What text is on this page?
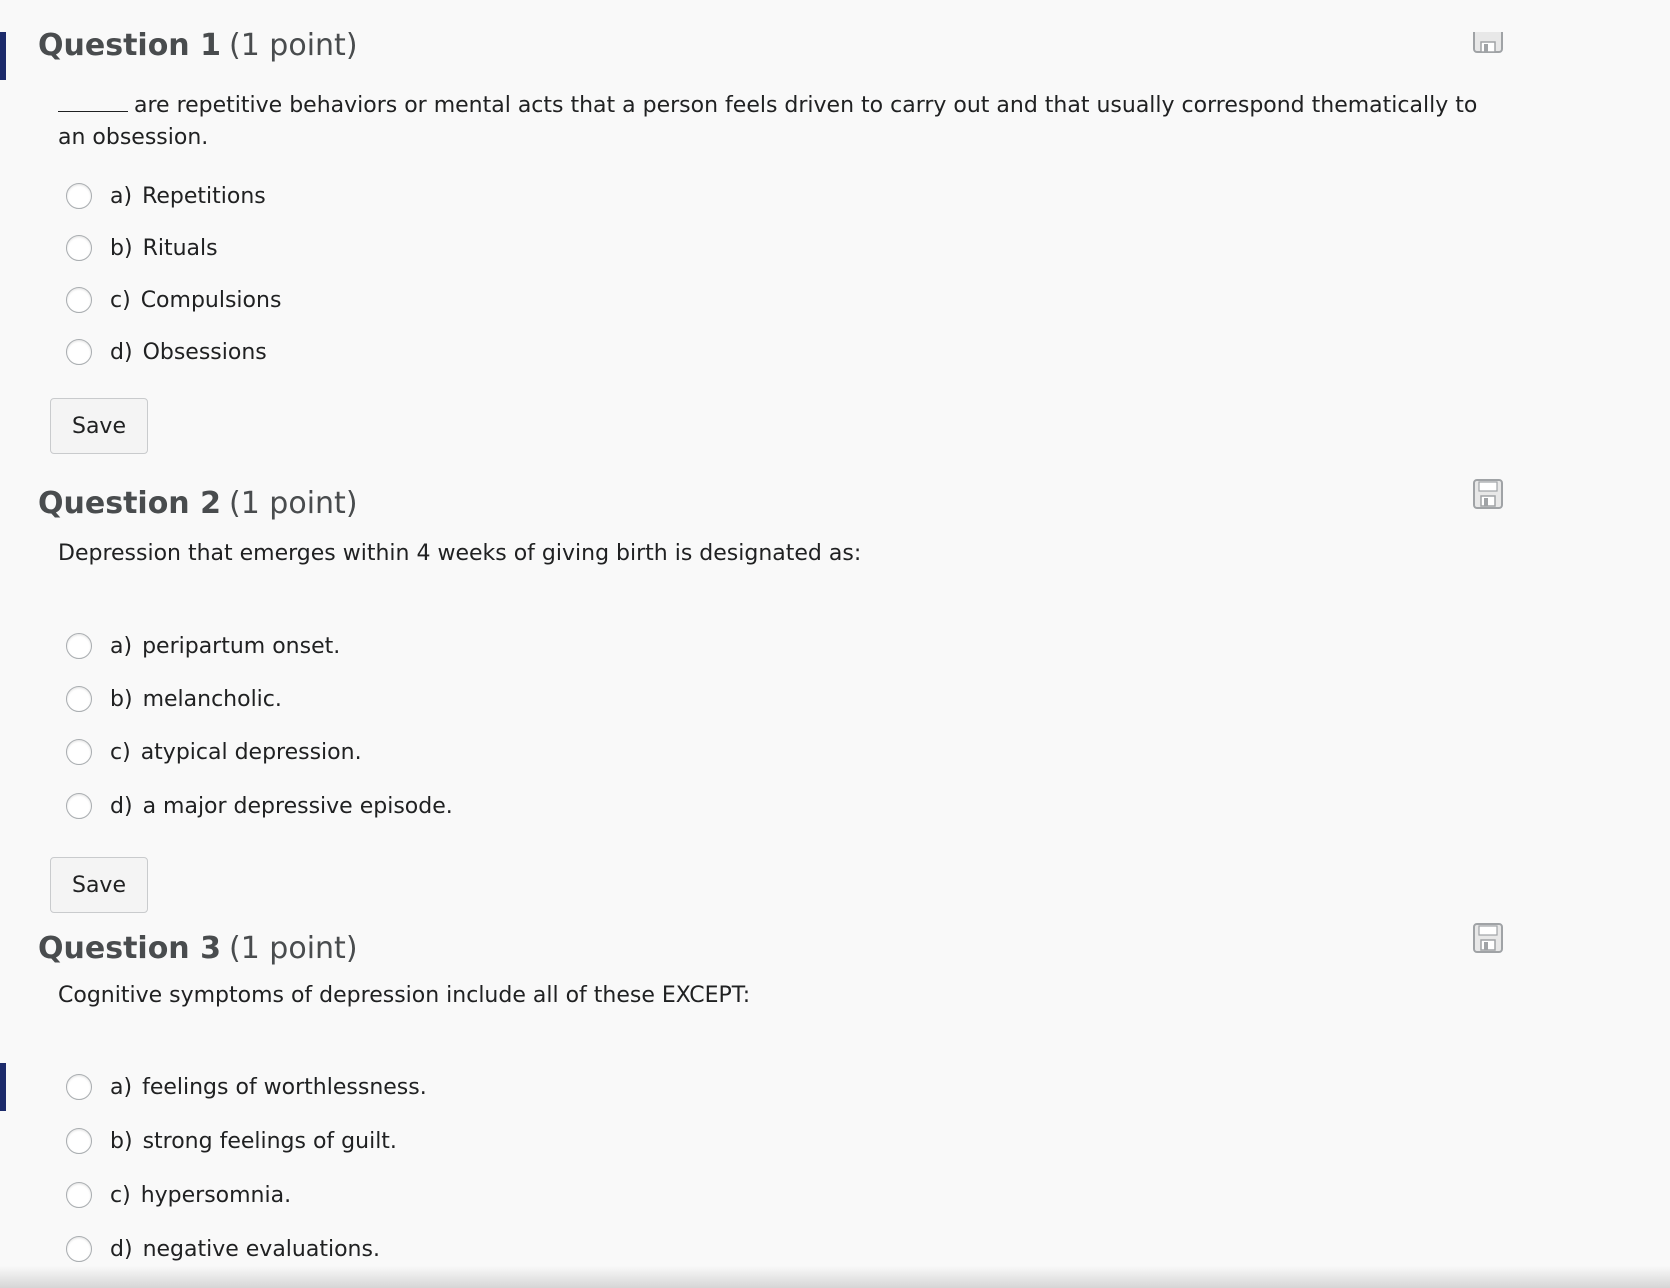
Question 1 (1 point)
are repetitive behaviors or mental acts that a person feels driven to carry out and that usually correspond thematically to an obsession.
a) Repetitions
b) Rituals
c) Compulsions
d) Obsessions
Save
Question 2 (1 point)
Depression that emerges within 4 weeks of giving birth is designated as:
a) peripartum onset.
b) melancholic.
c) atypical depression.
d) a major depressive episode.
Save
Question 3 (1 point)
Cognitive symptoms of depression include all of these EXCEPT:
a) feelings of worthlessness.
b) strong feelings of guilt.
c) hypersomnia.
d) negative evaluations.
